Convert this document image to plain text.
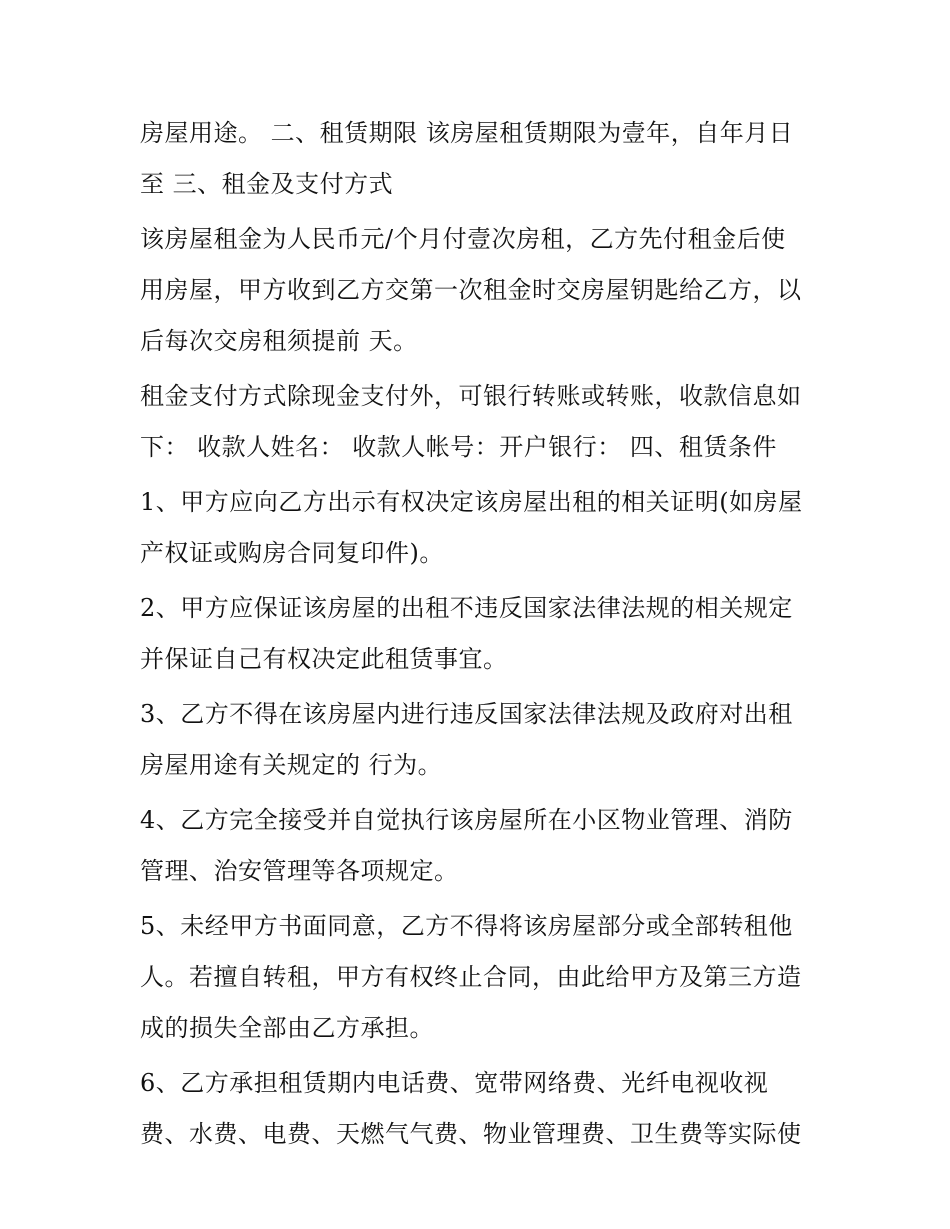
房屋用途。 二、租赁期限 该房屋租赁期限为壹年，自年月日
至 三、租金及支付方式
该房屋租金为人民币元/个月付壹次房租，乙方先付租金后使
用房屋，甲方收到乙方交第一次租金时交房屋钥匙给乙方，以
后每次交房租须提前 天。
租金支付方式除现金支付外，可银行转账或转账，收款信息如
下： 收款人姓名： 收款人帐号：开户银行： 四、租赁条件
1、甲方应向乙方出示有权决定该房屋出租的相关证明(如房屋
产权证或购房合同复印件)。
2、甲方应保证该房屋的出租不违反国家法律法规的相关规定
并保证自己有权决定此租赁事宜。
3、乙方不得在该房屋内进行违反国家法律法规及政府对出租
房屋用途有关规定的 行为。
4、乙方完全接受并自觉执行该房屋所在小区物业管理、消防
管理、治安管理等各项规定。
5、未经甲方书面同意，乙方不得将该房屋部分或全部转租他
人。若擅自转租，甲方有权终止合同，由此给甲方及第三方造
成的损失全部由乙方承担。
6、乙方承担租赁期内电话费、宽带网络费、光纤电视收视
费、水费、电费、天燃气气费、物业管理费、卫生费等实际使
